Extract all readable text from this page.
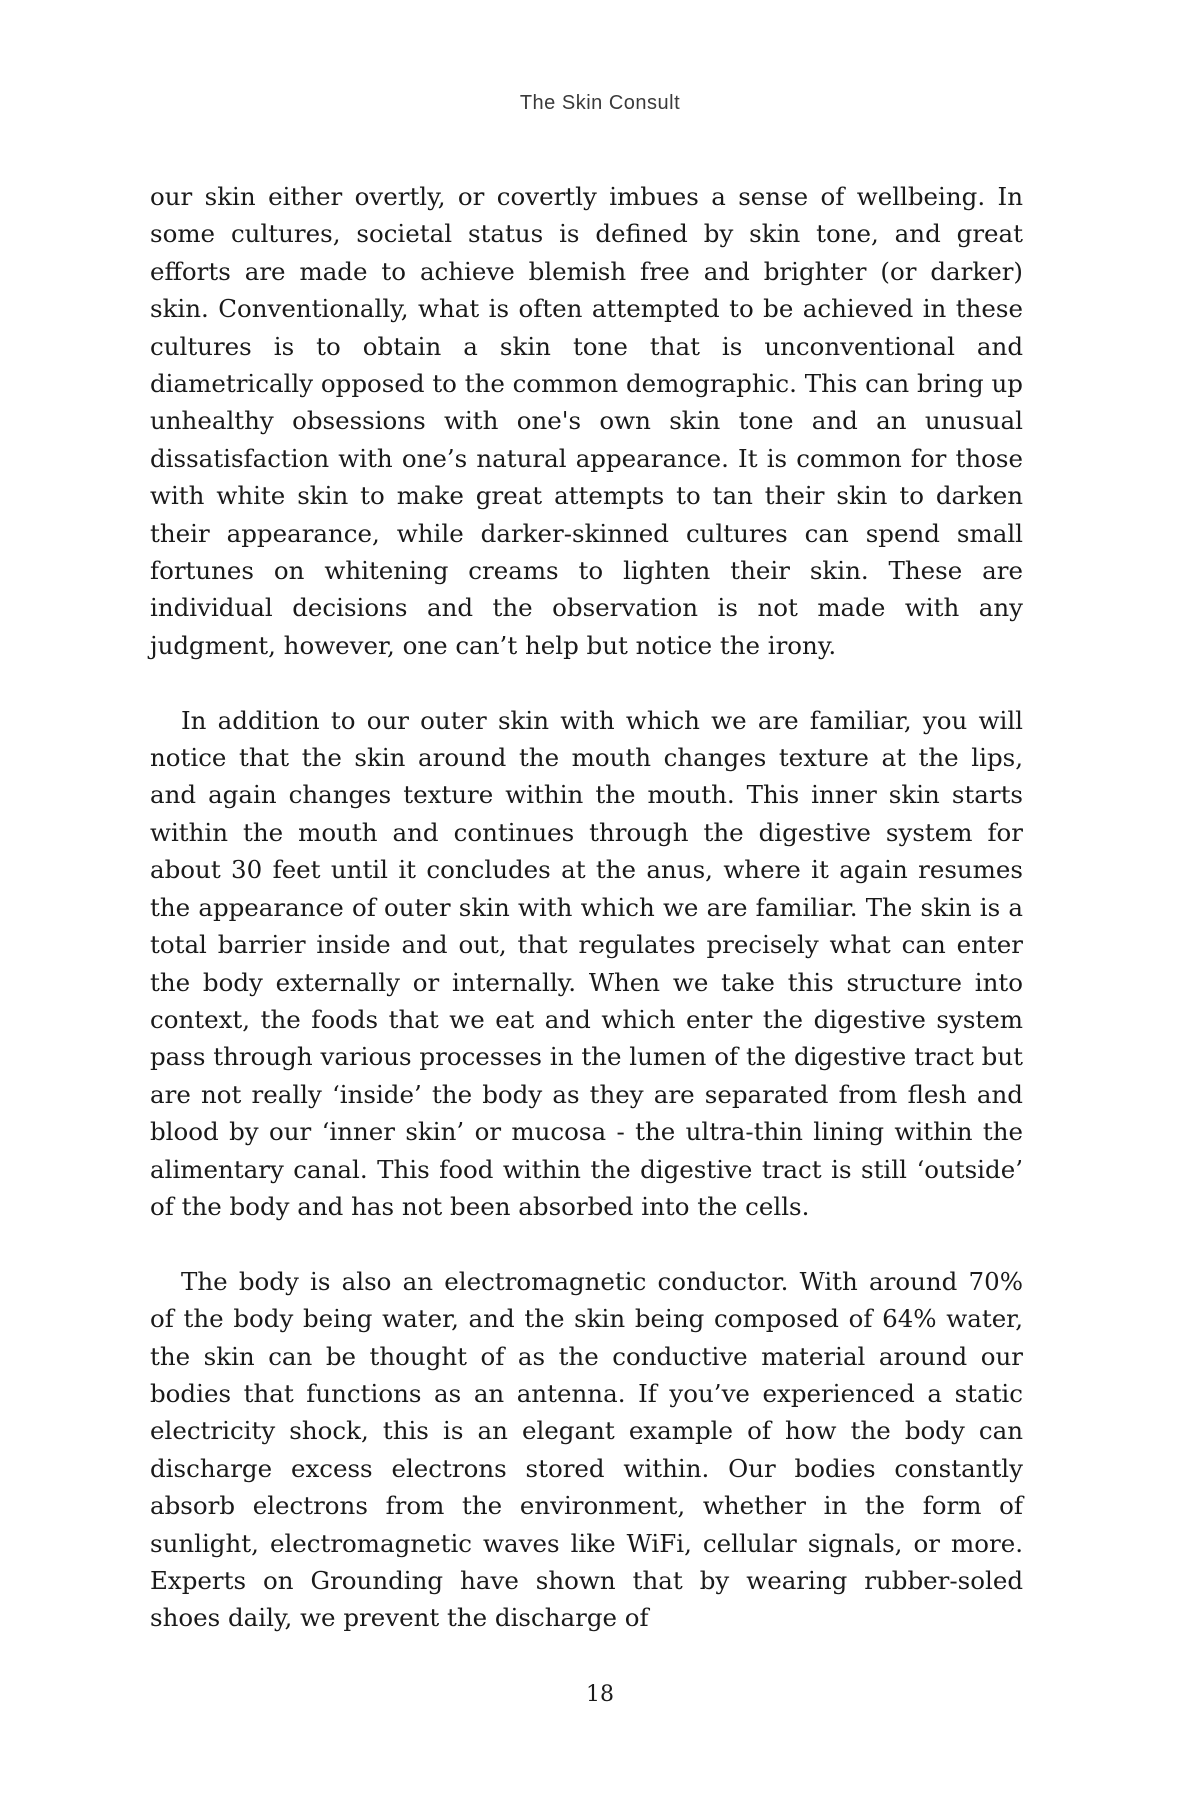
The Skin Consult

our skin either overtly, or covertly imbues a sense of wellbeing. In some cultures, societal status is defined by skin tone, and great efforts are made to achieve blemish free and brighter (or darker) skin. Conventionally, what is often attempted to be achieved in these cultures is to obtain a skin tone that is unconventional and diametrically opposed to the common demographic. This can bring up unhealthy obsessions with one's own skin tone and an unusual dissatisfaction with one’s natural appearance. It is common for those with white skin to make great attempts to tan their skin to darken their appearance, while darker-skinned cultures can spend small fortunes on whitening creams to lighten their skin. These are individual decisions and the observation is not made with any judgment, however, one can’t help but notice the irony.

In addition to our outer skin with which we are familiar, you will notice that the skin around the mouth changes texture at the lips, and again changes texture within the mouth. This inner skin starts within the mouth and continues through the digestive system for about 30 feet until it concludes at the anus, where it again resumes the appearance of outer skin with which we are familiar. The skin is a total barrier inside and out, that regulates precisely what can enter the body externally or internally. When we take this structure into context, the foods that we eat and which enter the digestive system pass through various processes in the lumen of the digestive tract but are not really ‘inside’ the body as they are separated from flesh and blood by our ‘inner skin’ or mucosa - the ultra-thin lining within the alimentary canal. This food within the digestive tract is still ‘outside’ of the body and has not been absorbed into the cells.

The body is also an electromagnetic conductor. With around 70% of the body being water, and the skin being composed of 64% water, the skin can be thought of as the conductive material around our bodies that functions as an antenna. If you’ve experienced a static electricity shock, this is an elegant example of how the body can discharge excess electrons stored within. Our bodies constantly absorb electrons from the environment, whether in the form of sunlight, electromagnetic waves like WiFi, cellular signals, or more. Experts on Grounding have shown that by wearing rubber-soled shoes daily, we prevent the discharge of

18
